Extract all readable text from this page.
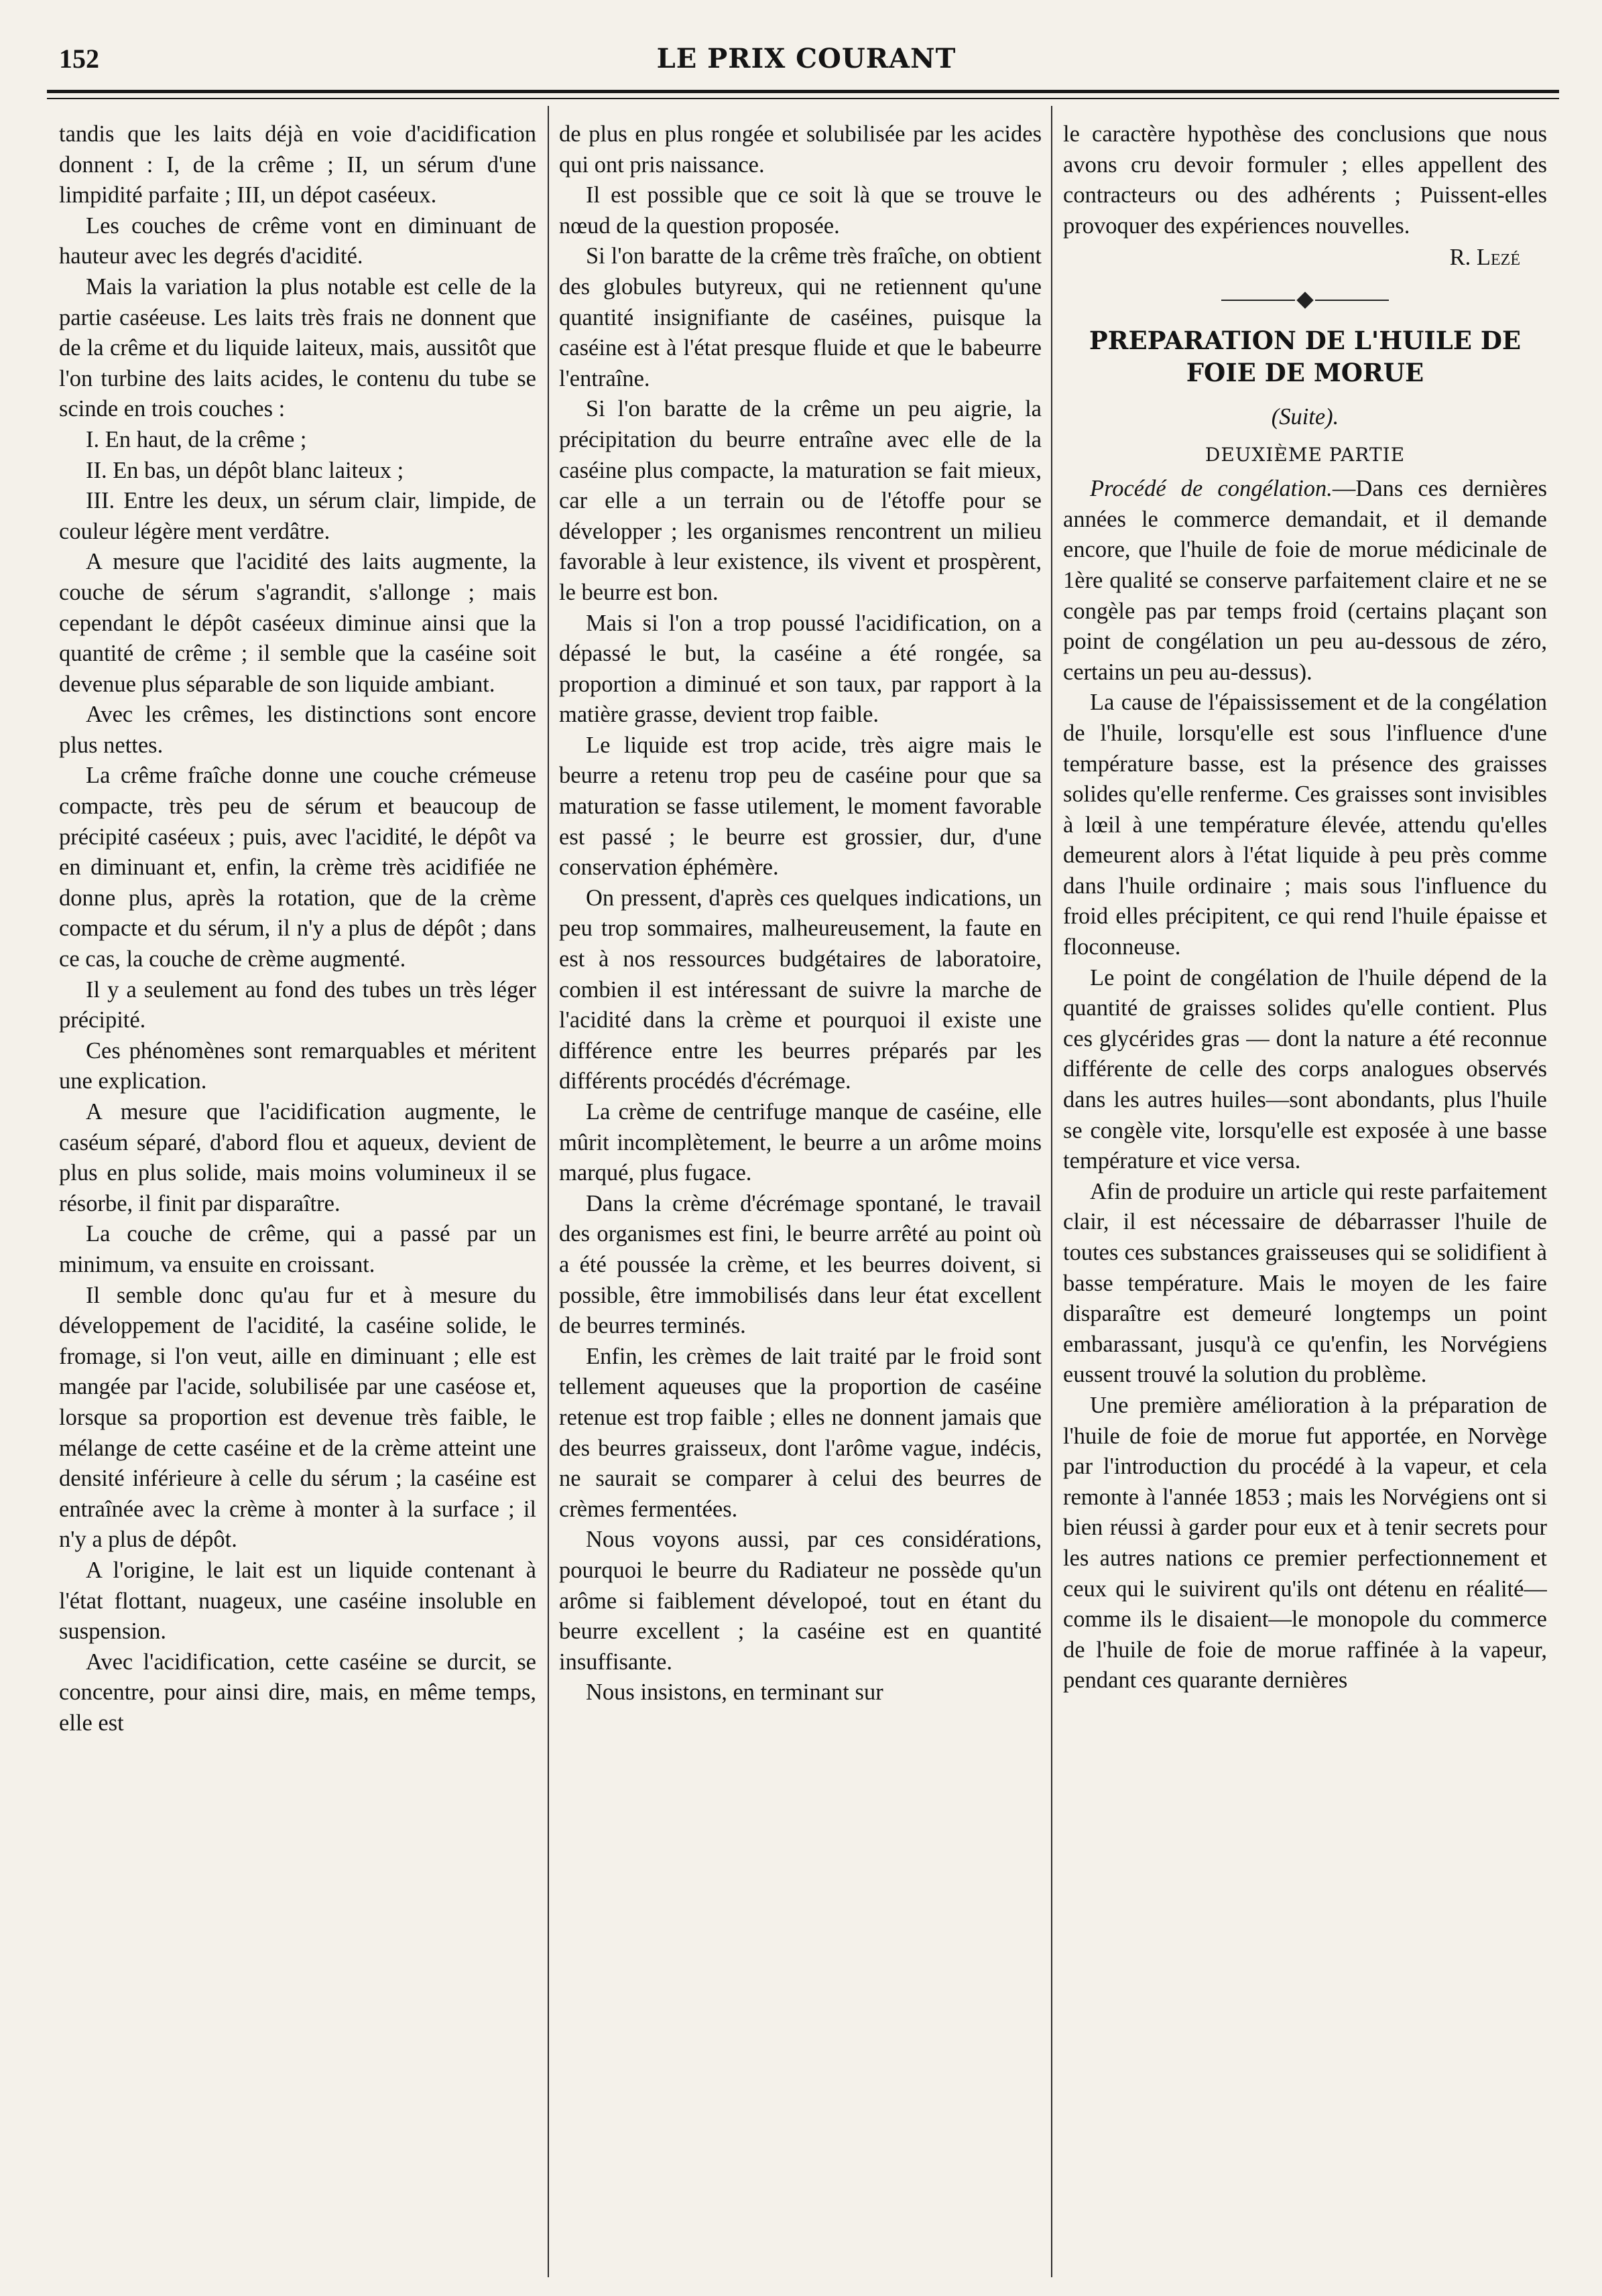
152	LE PRIX COURANT

tandis que les laits déjà en voie d'acidification donnent : I, de la crême ; II, un sérum d'une limpidité parfaite ; III, un dépot caséeux.

Les couches de crême vont en diminuant de hauteur avec les degrés d'acidité.

Mais la variation la plus notable est celle de la partie caséeuse. Les laits très frais ne donnent que de la crême et du liquide laiteux, mais, aussitôt que l'on turbine des laits acides, le contenu du tube se scinde en trois couches :

I. En haut, de la crême ;

II. En bas, un dépôt blanc laiteux ;

III. Entre les deux, un sérum clair, limpide, de couleur légère ment verdâtre.

A mesure que l'acidité des laits augmente, la couche de sérum s'agrandit, s'allonge ; mais cependant le dépôt caséeux diminue ainsi que la quantité de crême ; il semble que la caséine soit devenue plus séparable de son liquide ambiant.

Avec les crêmes, les distinctions sont encore plus nettes.

La crême fraîche donne une couche crémeuse compacte, très peu de sérum et beaucoup de précipité caséeux ; puis, avec l'acidité, le dépôt va en diminuant et, enfin, la crème très acidifiée ne donne plus, après la rotation, que de la crème compacte et du sérum, il n'y a plus de dépôt ; dans ce cas, la couche de crème augmenté.

Il y a seulement au fond des tubes un très léger précipité.

Ces phénomènes sont remarquables et méritent une explication.

A mesure que l'acidification augmente, le caséum séparé, d'abord flou et aqueux, devient de plus en plus solide, mais moins volumineux il se résorbe, il finit par disparaître.

La couche de crême, qui a passé par un minimum, va ensuite en croissant.

Il semble donc qu'au fur et à mesure du développement de l'acidité, la caséine solide, le fromage, si l'on veut, aille en diminuant ; elle est mangée par l'acide, solubilisée par une caséose et, lorsque sa proportion est devenue très faible, le mélange de cette caséine et de la crème atteint une densité inférieure à celle du sérum ; la caséine est entraînée avec la crème à monter à la surface ; il n'y a plus de dépôt.

A l'origine, le lait est un liquide contenant à l'état flottant, nuageux, une caséine insoluble en suspension.

Avec l'acidification, cette caséine se durcit, se concentre, pour ainsi dire, mais, en même temps, elle est

de plus en plus rongée et solubilisée par les acides qui ont pris naissance.

Il est possible que ce soit là que se trouve le nœud de la question proposée.

Si l'on baratte de la crême très fraîche, on obtient des globules butyreux, qui ne retiennent qu'une quantité insignifiante de caséines, puisque la caséine est à l'état presque fluide et que le babeurre l'entraîne.

Si l'on baratte de la crême un peu aigrie, la précipitation du beurre entraîne avec elle de la caséine plus compacte, la maturation se fait mieux, car elle a un terrain ou de l'étoffe pour se développer ; les organismes rencontrent un milieu favorable à leur existence, ils vivent et prospèrent, le beurre est bon.

Mais si l'on a trop poussé l'acidification, on a dépassé le but, la caséine a été rongée, sa proportion a diminué et son taux, par rapport à la matière grasse, devient trop faible.

Le liquide est trop acide, très aigre mais le beurre a retenu trop peu de caséine pour que sa maturation se fasse utilement, le moment favorable est passé ; le beurre est grossier, dur, d'une conservation éphémère.

On pressent, d'après ces quelques indications, un peu trop sommaires, malheureusement, la faute en est à nos ressources budgétaires de laboratoire, combien il est intéressant de suivre la marche de l'acidité dans la crème et pourquoi il existe une différence entre les beurres préparés par les différents procédés d'écrémage.

La crème de centrifuge manque de caséine, elle mûrit incomplètement, le beurre a un arôme moins marqué, plus fugace.

Dans la crème d'écrémage spontané, le travail des organismes est fini, le beurre arrêté au point où a été poussée la crème, et les beurres doivent, si possible, être immobilisés dans leur état excellent de beurres terminés.

Enfin, les crèmes de lait traité par le froid sont tellement aqueuses que la proportion de caséine retenue est trop faible ; elles ne donnent jamais que des beurres graisseux, dont l'arôme vague, indécis, ne saurait se comparer à celui des beurres de crèmes fermentées.

Nous voyons aussi, par ces considérations, pourquoi le beurre du Radiateur ne possède qu'un arôme si faiblement dévelopoé, tout en étant du beurre excellent ; la caséine est en quantité insuffisante.

Nous insistons, en terminant sur

le caractère hypothèse des conclusions que nous avons cru devoir formuler ; elles appellent des contracteurs ou des adhérents ; Puissent-elles provoquer des expériences nouvelles.

R. Lezé
PREPARATION DE L'HUILE DE FOIE DE MORUE
(Suite).
DEUXIÈME PARTIE

Procédé de congélation.—Dans ces dernières années le commerce demandait, et il demande encore, que l'huile de foie de morue médicinale de 1ère qualité se conserve parfaitement claire et ne se congèle pas par temps froid (certains plaçant son point de congélation un peu au-dessous de zéro, certains un peu au-dessus).

La cause de l'épaississement et de la congélation de l'huile, lorsqu'elle est sous l'influence d'une température basse, est la présence des graisses solides qu'elle renferme. Ces graisses sont invisibles à lœil à une température élevée, attendu qu'elles demeurent alors à l'état liquide à peu près comme dans l'huile ordinaire ; mais sous l'influence du froid elles précipitent, ce qui rend l'huile épaisse et floconneuse.

Le point de congélation de l'huile dépend de la quantité de graisses solides qu'elle contient. Plus ces glycérides gras — dont la nature a été reconnue différente de celle des corps analogues observés dans les autres huiles—sont abondants, plus l'huile se congèle vite, lorsqu'elle est exposée à une basse température et vice versa.

Afin de produire un article qui reste parfaitement clair, il est nécessaire de débarrasser l'huile de toutes ces substances graisseuses qui se solidifient à basse température. Mais le moyen de les faire disparaître est demeuré longtemps un point embarassant, jusqu'à ce qu'enfin, les Norvégiens eussent trouvé la solution du problème.

Une première amélioration à la préparation de l'huile de foie de morue fut apportée, en Norvège par l'introduction du procédé à la vapeur, et cela remonte à l'année 1853 ; mais les Norvégiens ont si bien réussi à garder pour eux et à tenir secrets pour les autres nations ce premier perfectionnement et ceux qui le suivirent qu'ils ont détenu en réalité—comme ils le disaient—le monopole du commerce de l'huile de foie de morue raffinée à la vapeur, pendant ces quarante dernières
